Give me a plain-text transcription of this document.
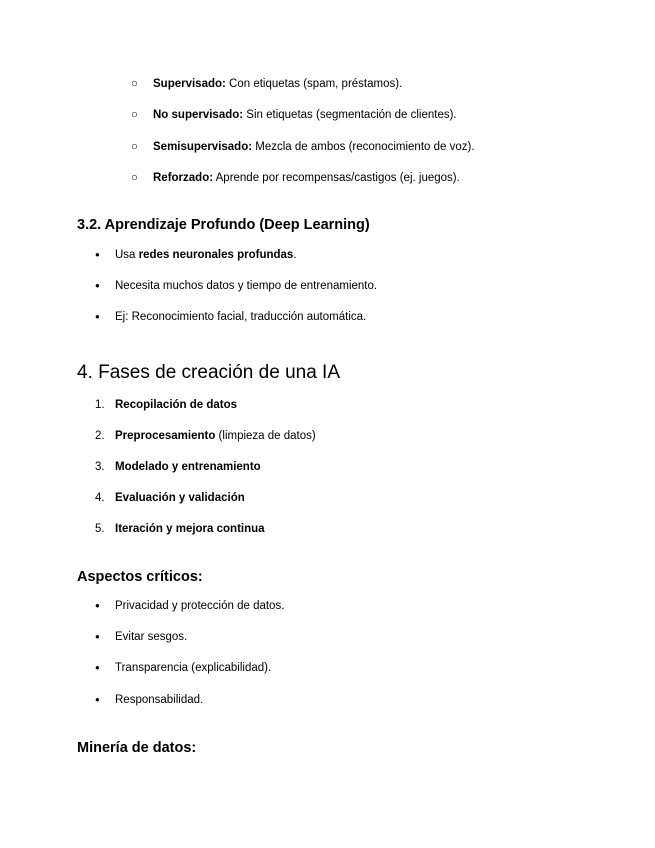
○ Supervisado: Con etiquetas (spam, préstamos).
○ No supervisado: Sin etiquetas (segmentación de clientes).
○ Semisupervisado: Mezcla de ambos (reconocimiento de voz).
○ Reforzado: Aprende por recompensas/castigos (ej. juegos).
3.2. Aprendizaje Profundo (Deep Learning)
● Usa redes neuronales profundas.
● Necesita muchos datos y tiempo de entrenamiento.
● Ej: Reconocimiento facial, traducción automática.
4. Fases de creación de una IA
1. Recopilación de datos
2. Preprocesamiento (limpieza de datos)
3. Modelado y entrenamiento
4. Evaluación y validación
5. Iteración y mejora continua
Aspectos críticos:
● Privacidad y protección de datos.
● Evitar sesgos.
● Transparencia (explicabilidad).
● Responsabilidad.
Minería de datos:
